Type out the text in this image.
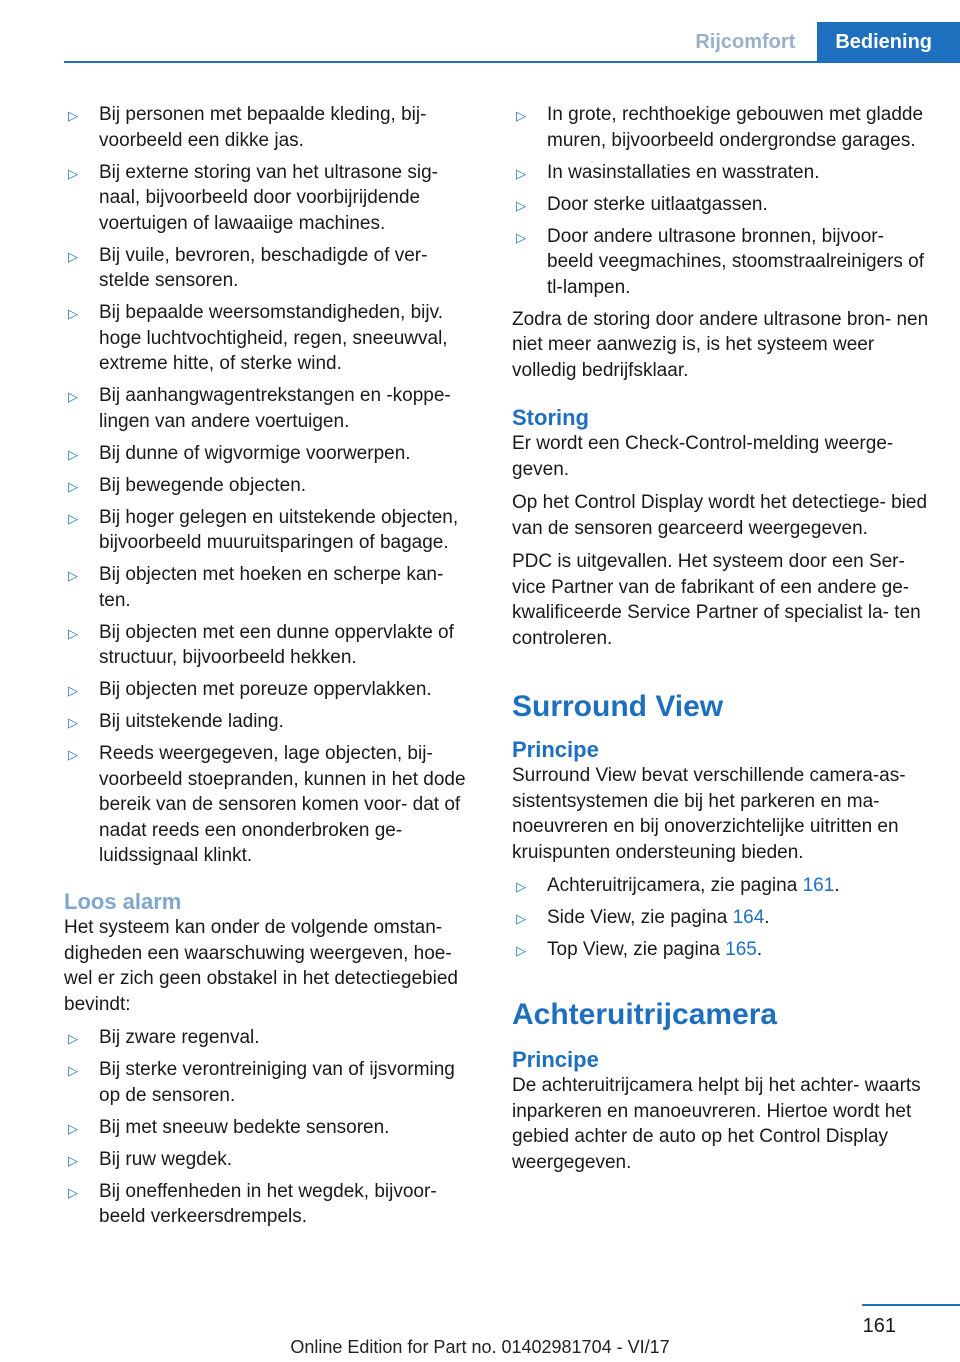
Rijcomfort	Bediening
▷ Bij personen met bepaalde kleding, bij- voorbeeld een dikke jas.
▷ Bij externe storing van het ultrasone sig- naal, bijvoorbeeld door voorbijrijdende voertuigen of lawaaiige machines.
▷ Bij vuile, bevroren, beschadigde of ver- stelde sensoren.
▷ Bij bepaalde weersomstandigheden, bijv. hoge luchtvochtigheid, regen, sneeuwval, extreme hitte, of sterke wind.
▷ Bij aanhangwagentrekstangen en -koppe- lingen van andere voertuigen.
▷ Bij dunne of wigvormige voorwerpen.
▷ Bij bewegende objecten.
▷ Bij hoger gelegen en uitstekende objecten, bijvoorbeeld muuruitsparingen of bagage.
▷ Bij objecten met hoeken en scherpe kan- ten.
▷ Bij objecten met een dunne oppervlakte of structuur, bijvoorbeeld hekken.
▷ Bij objecten met poreuze oppervlakken.
▷ Bij uitstekende lading.
▷ Reeds weergegeven, lage objecten, bij- voorbeeld stoepranden, kunnen in het dode bereik van de sensoren komen voor- dat of nadat reeds een ononderbroken ge- luidssignaal klinkt.
Loos alarm

Het systeem kan onder de volgende omstan- digheden een waarschuwing weergeven, hoe- wel er zich geen obstakel in het detectiegebied bevindt:

▷ Bij zware regenval.
▷ Bij sterke verontreiniging van of ijsvorming op de sensoren.
▷ Bij met sneeuw bedekte sensoren.
▷ Bij ruw wegdek.
▷ Bij oneffenheden in het wegdek, bijvoor- beeld verkeersdrempels.
▷ In grote, rechthoekige gebouwen met gladde muren, bijvoorbeeld ondergrondse garages.
▷ In wasinstallaties en wasstraten.
▷ Door sterke uitlaatgassen.
▷ Door andere ultrasone bronnen, bijvoor- beeld veegmachines, stoomstraalreinigers of tl-lampen.

Zodra de storing door andere ultrasone bron- nen niet meer aanwezig is, is het systeem weer volledig bedrijfsklaar.

Storing

Er wordt een Check-Control-melding weerge- geven.

Op het Control Display wordt het detectiege- bied van de sensoren gearceerd weergegeven.

PDC is uitgevallen. Het systeem door een Ser- vice Partner van de fabrikant of een andere ge- kwalificeerde Service Partner of specialist la- ten controleren.

Surround View
Principe

Surround View bevat verschillende camera-as- sistentsystemen die bij het parkeren en ma- noeuvreren en bij onoverzichtelijke uitritten en kruispunten ondersteuning bieden.

▷ Achteruitrijcamera, zie pagina 161.
▷ Side View, zie pagina 164.
▷ Top View, zie pagina 165.
Achteruitrijcamera
Principe

De achteruitrijcamera helpt bij het achter- waarts inparkeren en manoeuvreren. Hiertoe wordt het gebied achter de auto op het Control Display weergegeven.

161
Online Edition for Part no. 01402981704 - VI/17
